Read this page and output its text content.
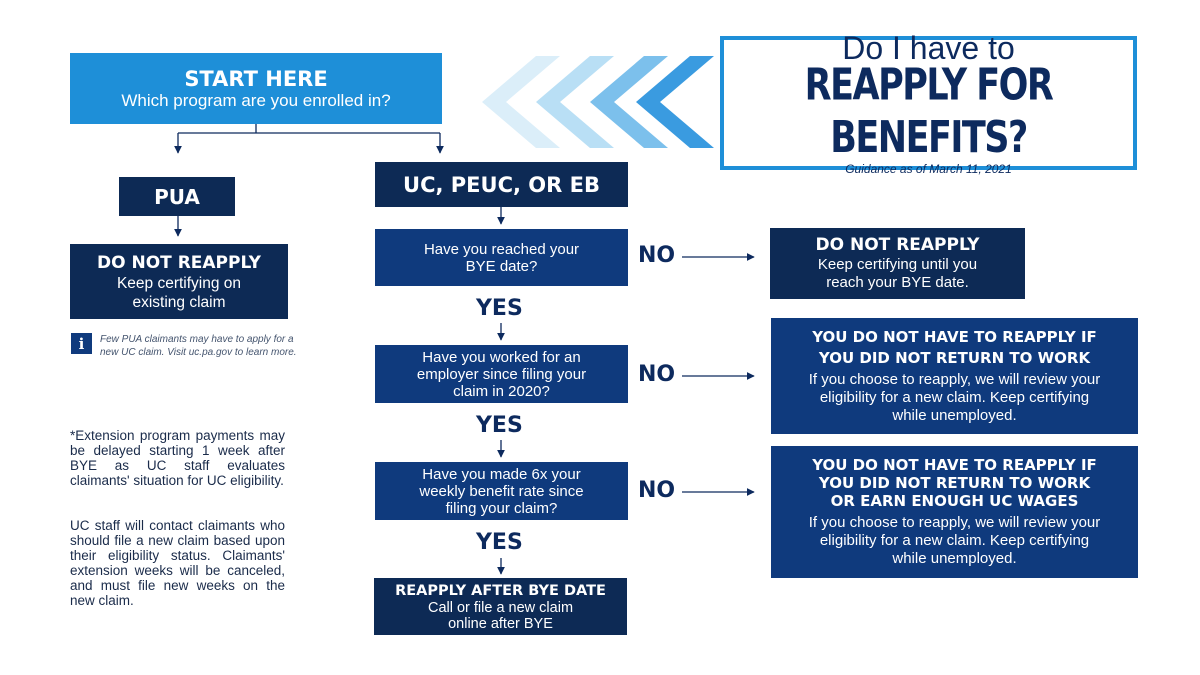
Do I have to
REAPPLY FOR BENEFITS?
Guidance as of March 11, 2021
START HERE
Which program are you enrolled in?
PUA
DO NOT REAPPLY
Keep certifying on
existing claim
i Few PUA claimants may have to apply for a
new UC claim. Visit uc.pa.gov to learn more.
UC, PEUC, OR EB
Have you reached your
BYE date?	NO
YES
Have you worked for an
employer since filing your
claim in 2020?
NO
YES
Have you made 6x your
weekly benefit rate since
filing your claim?
NO
YES
REAPPLY AFTER BYE DATE
Call or file a new claim
online after BYE
DO NOT REAPPLY
Keep certifying until you
reach your BYE date.
YOU DO NOT HAVE TO REAPPLY IF
YOU DID NOT RETURN TO WORK
If you choose to reapply, we will review your
eligibility for a new claim. Keep certifying
while unemployed.
YOU DO NOT HAVE TO REAPPLY IF
YOU DID NOT RETURN TO WORK
OR EARN ENOUGH UC WAGES
If you choose to reapply, we will review your
eligibility for a new claim. Keep certifying
while unemployed.
*Extension program payments may be delayed starting 1 week after BYE as UC staff evaluates claimants' situation for UC eligibility.
UC staff will contact claimants who should file a new claim based upon their eligibility status. Claimants' extension weeks will be canceled, and must file new weeks on the new claim.
